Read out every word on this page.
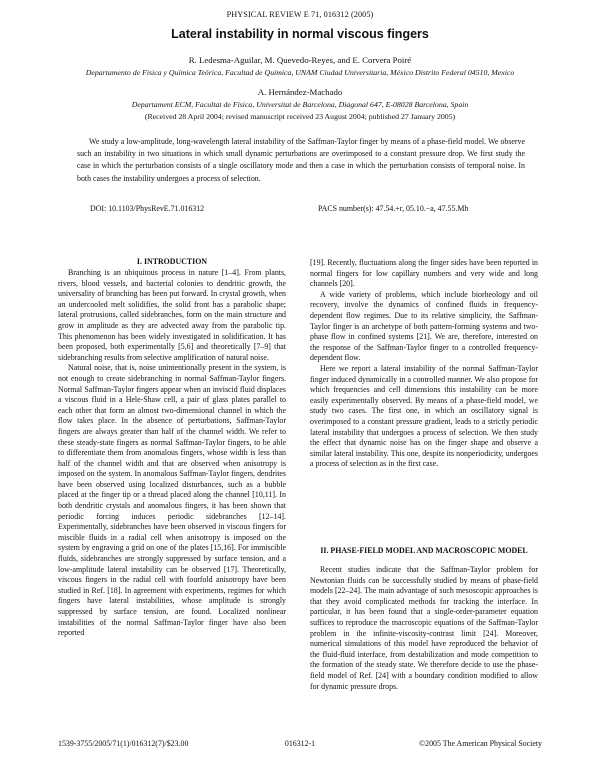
PHYSICAL REVIEW E 71, 016312 (2005)
Lateral instability in normal viscous fingers
R. Ledesma-Aguilar, M. Quevedo-Reyes, and E. Corvera Poiré
Departamento de Física y Química Teórica, Facultad de Química, UNAM Ciudad Universitaria, México Distrito Federal 04510, Mexico
A. Hernández-Machado
Departament ECM, Facultat de Física, Universitat de Barcelona, Diagonal 647, E-08028 Barcelona, Spain
(Received 28 April 2004; revised manuscript received 23 August 2004; published 27 January 2005)

We study a low-amplitude, long-wavelength lateral instability of the Saffman-Taylor finger by means of a phase-field model. We observe such an instability in two situations in which small dynamic perturbations are overimposed to a constant pressure drop. We first study the case in which the perturbation consists of a single oscillatory mode and then a case in which the perturbation consists of temporal noise. In both cases the instability undergoes a process of selection.

DOI: 10.1103/PhysRevE.71.016312	PACS number(s): 47.54.+r, 05.10.−a, 47.55.Mh
I. INTRODUCTION

Branching is an ubiquitous process in nature [1–4]. From plants, rivers, blood vessels, and bacterial colonies to dendritic growth, the universality of branching has been put forward. In crystal growth, when an undercooled melt solidifies, the solid front has a parabolic shape; lateral protrusions, called sidebranches, form on the main structure and grow in amplitude as they are advected away from the parabolic tip. This phenomenon has been widely investigated in solidification. It has been proposed, both experimentally [5,6] and theoretically [7–9] that sidebranching results from selective amplification of natural noise.

Natural noise, that is, noise unintentionally present in the system, is not enough to create sidebranching in normal Saffman-Taylor fingers. Normal Saffman-Taylor fingers appear when an inviscid fluid displaces a viscous fluid in a Hele-Shaw cell, a pair of glass plates parallel to each other that form an almost two-dimensional channel in which the flow takes place. In the absence of perturbations, Saffman-Taylor fingers are always greater than half of the channel width. We refer to these steady-state fingers as normal Saffman-Taylor fingers, to be able to differentiate them from anomalous fingers, whose width is less than half of the channel width and that are observed when anisotropy is imposed on the system. In anomalous Saffman-Taylor fingers, dendrites have been observed using localized disturbances, such as a bubble placed at the finger tip or a thread placed along the channel [10,11]. In both dendritic crystals and anomalous fingers, it has been shown that periodic forcing induces periodic sidebranches [12–14]. Experimentally, sidebranches have been observed in viscous fingers for miscible fluids in a radial cell when anisotropy is imposed on the system by engraving a grid on one of the plates [15,16]. For immiscible fluids, sidebranches are strongly suppressed by surface tension, and a low-amplitude lateral instability can be observed [17]. Theoretically, viscous fingers in the radial cell with fourfold anisotropy have been studied in Ref. [18]. In agreement with experiments, regimes for which fingers have lateral instabilities, whose amplitude is strongly suppressed by surface tension, are found. Localized nonlinear instabilities of the normal Saffman-Taylor finger have also been reported

[19]. Recently, fluctuations along the finger sides have been reported in normal fingers for low capillary numbers and very wide and long channels [20].

A wide variety of problems, which include biorheology and oil recovery, involve the dynamics of confined fluids in frequency-dependent flow regimes. Due to its relative simplicity, the Saffman-Taylor finger is an archetype of both pattern-forming systems and two-phase flow in confined systems [21]. We are, therefore, interested on the response of the Saffman-Taylor finger to a controlled frequency-dependent flow.

Here we report a lateral instability of the normal Saffman-Taylor finger induced dynamically in a controlled manner. We also propose for which frequencies and cell dimensions this instability can be more easily experimentally observed. By means of a phase-field model, we study two cases. The first one, in which an oscillatory signal is overimposed to a constant pressure gradient, leads to a strictly periodic lateral instability that undergoes a process of selection. We then study the effect that dynamic noise has on the finger shape and observe a similar lateral instability. This one, despite its nonperiodicity, undergoes a process of selection as in the first case.

II. PHASE-FIELD MODEL AND MACROSCOPIC MODEL

Recent studies indicate that the Saffman-Taylor problem for Newtonian fluids can be successfully studied by means of phase-field models [22–24]. The main advantage of such mesoscopic approaches is that they avoid complicated methods for tracking the interface. In particular, it has been found that a single-order-parameter equation suffices to reproduce the macroscopic equations of the Saffman-Taylor problem in the infinite-viscosity-contrast limit [24]. Moreover, numerical simulations of this model have reproduced the behavior of the fluid-fluid interface, from destabilization and mode competition to the formation of the steady state. We therefore decide to use the phase-field model of Ref. [24] with a boundary condition modified to allow for dynamic pressure drops.

1539-3755/2005/71(1)/016312(7)/$23.00	016312-1	©2005 The American Physical Society
